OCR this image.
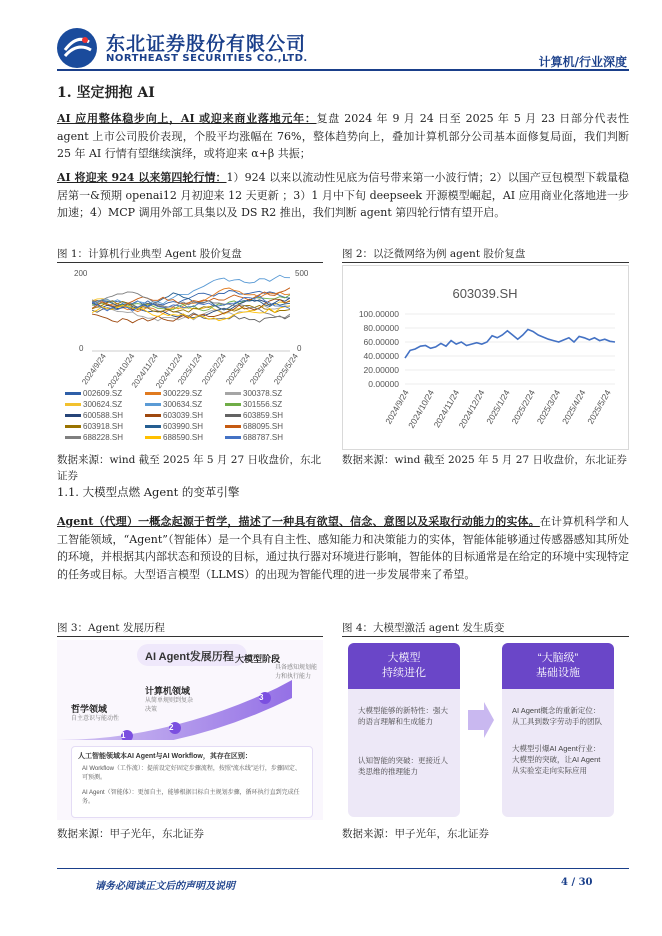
东北证券股份有限公司
NORTHEAST SECURITIES CO.,LTD.	计算机/行业深度
1. 坚定拥抱 AI
AI 应用整体稳步向上，AI 或迎来商业落地元年：复盘 2024 年 9 月 24 日至 2025 年 5 月 23 日部分代表性 agent 上市公司股价表现，个股平均涨幅在 76%，整体趋势向上，叠加计算机部分公司基本面修复局面，我们判断 25 年 AI 行情有望继续演绎，或将迎来 α+β 共振；
AI 将迎来 924 以来第四轮行情：1）924 以来以流动性见底为信号带来第一小波行情；2）以国产豆包模型下载量稳居第一&预期 openai12 月初迎来 12 天更新 ；3）1 月中下旬 deepseek 开源模型崛起，AI 应用商业化落地进一步加速；4）MCP 调用外部工具集以及 DS R2 推出，我们判断 agent 第四轮行情有望开启。
图 1：计算机行业典型 Agent 股价复盘
200
0
500
0
2024/9/24
2024/10/24
2024/11/24
2024/12/24
2025/1/24
2025/2/24
2025/3/24
2025/4/24
2025/5/24
002609.SZ	300229.SZ	300378.SZ
300624.SZ	300634.SZ	301556.SZ
600588.SH	603039.SH	603859.SH
603918.SH	603990.SH	688095.SH
688228.SH	688590.SH	688787.SH
数据来源：wind 截至 2025 年 5 月 27 日收盘价，东北证券
图 2：以泛微网络为例 agent 股价复盘
603039.SH
100.00000
80.00000
60.00000
40.00000
20.00000
0.00000
2024/9/24
2024/10/24
2024/11/24
2024/12/24
2025/1/24
2025/2/24
2025/3/24
2025/4/24
2025/5/24
数据来源：wind 截至 2025 年 5 月 27 日收盘价，东北证券
1.1. 大模型点燃 Agent 的变革引擎
Agent（代理）一概念起源于哲学，描述了一种具有欲望、信念、意图以及采取行动能力的实体。在计算机科学和人工智能领域，“Agent”（智能体）是一个具有自主性、感知能力和决策能力的实体，智能体能够通过传感器感知其所处的环境，并根据其内部状态和预设的目标，通过执行器对环境进行影响，智能体的目标通常是在给定的环境中实现特定的任务或目标。大型语言模型（LLMS）的出现为智能代理的进一步发展带来了希望。
图 3：Agent 发展历程
AI Agent发展历程
1
2
3
哲学领域
自主意识与能动性
计算机领域
从简单规则到复杂决策
大模型阶段
具备感知规划能力和执行能力
人工智能领域本AI Agent与AI Workflow，其存在区别：
AI Workflow（工作流）：提前设定好固定步骤流程，按照“流水线”运行，步骤固定、可预测。
AI Agent（智能体）：更加自主，能够根据目标自主规划步骤，循环执行直到完成任务。
数据来源：甲子光年，东北证券
图 4：大模型激活 agent 发生质变
大模型
持续进化
大模型能够的新特性：强大的语言理解和生成能力
认知智能的突破：更接近人类思维的推理能力
“大脑级”
基础设施
AI Agent概念的重新定位：从工具到数字劳动手的团队
大模型引爆AI Agent行业：大模型的突破，让AI Agent从实验室走向实际应用
数据来源：甲子光年，东北证券
请务必阅读正文后的声明及说明	4 / 30
